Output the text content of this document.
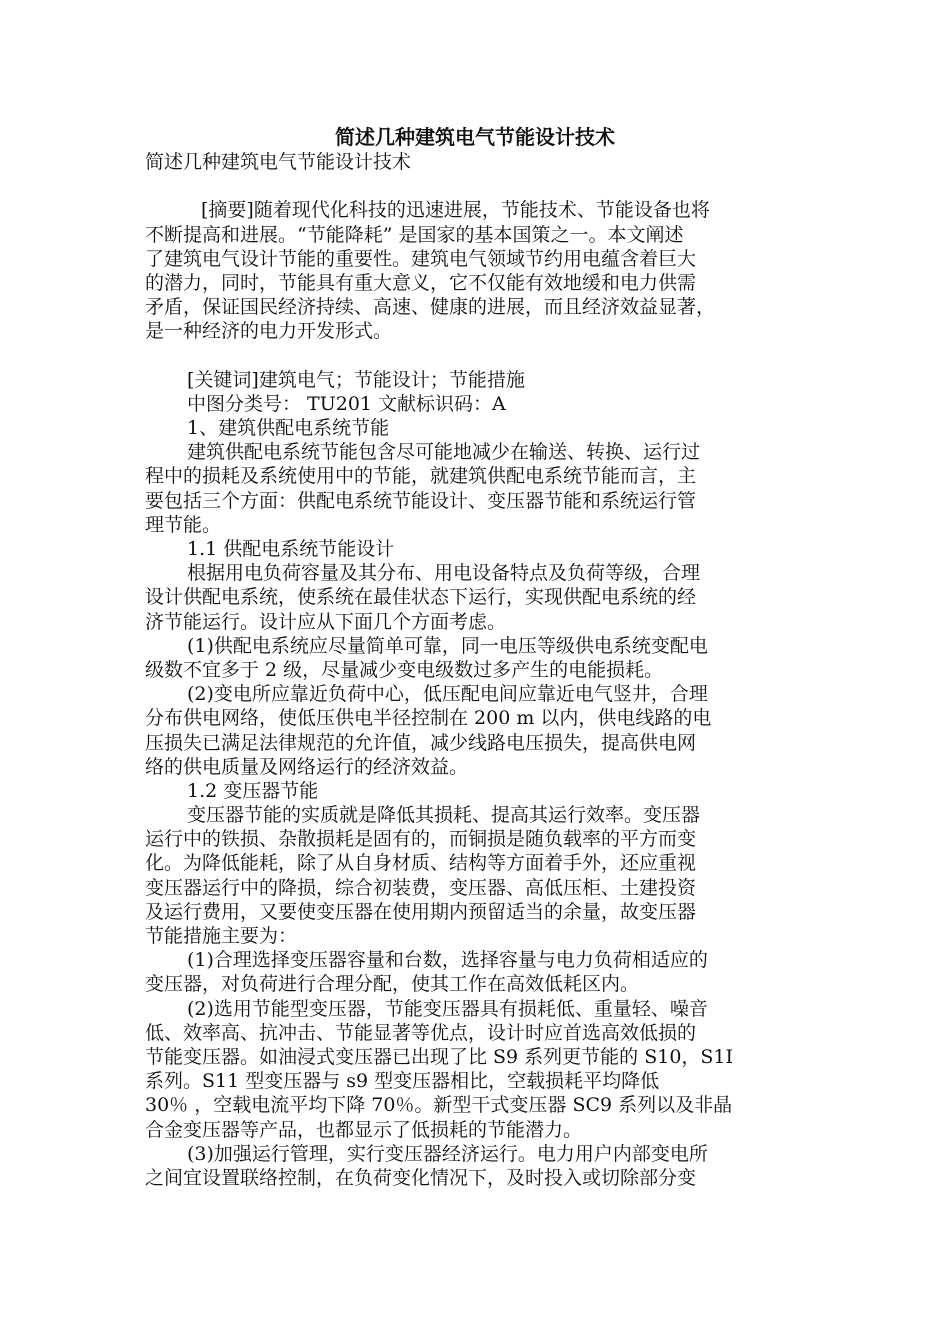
简述几种建筑电气节能设计技术
简述几种建筑电气节能设计技术
[摘要]随着现代化科技的迅速进展，节能技术、节能设备也将
不断提高和进展。“节能降耗” 是国家的基本国策之一。本文阐述
了建筑电气设计节能的重要性。建筑电气领域节约用电蕴含着巨大
的潜力，同时，节能具有重大意义，它不仅能有效地缓和电力供需
矛盾，保证国民经济持续、高速、健康的进展，而且经济效益显著，
是一种经济的电力开发形式。
[关键词]建筑电气；节能设计；节能措施
中图分类号： TU201 文献标识码：A
1、建筑供配电系统节能
建筑供配电系统节能包含尽可能地减少在输送、转换、运行过
程中的损耗及系统使用中的节能，就建筑供配电系统节能而言，主
要包括三个方面：供配电系统节能设计、变压器节能和系统运行管
理节能。
1.1 供配电系统节能设计
根据用电负荷容量及其分布、用电设备特点及负荷等级，合理
设计供配电系统，使系统在最佳状态下运行，实现供配电系统的经
济节能运行。设计应从下面几个方面考虑。
(1)供配电系统应尽量简单可靠，同一电压等级供电系统变配电
级数不宜多于 2 级，尽量减少变电级数过多产生的电能损耗。
(2)变电所应靠近负荷中心，低压配电间应靠近电气竖井，合理
分布供电网络，使低压供电半径控制在 200 m 以内，供电线路的电
压损失已满足法律规范的允许值，减少线路电压损失，提高供电网
络的供电质量及网络运行的经济效益。
1.2 变压器节能
变压器节能的实质就是降低其损耗、提高其运行效率。变压器
运行中的铁损、杂散损耗是固有的，而铜损是随负载率的平方而变
化。为降低能耗，除了从自身材质、结构等方面着手外，还应重视
变压器运行中的降损，综合初装费，变压器、高低压柜、土建投资
及运行费用，又要使变压器在使用期内预留适当的余量，故变压器
节能措施主要为：
(1)合理选择变压器容量和台数，选择容量与电力负荷相适应的
变压器，对负荷进行合理分配，使其工作在高效低耗区内。
(2)选用节能型变压器，节能变压器具有损耗低、重量轻、噪音
低、效率高、抗冲击、节能显著等优点，设计时应首选高效低损的
节能变压器。如油浸式变压器已出现了比 S9 系列更节能的 S10，S1I
系列。S11 型变压器与 s9 型变压器相比，空载损耗平均降低
30％ ，空载电流平均下降 70％。新型干式变压器 SC9 系列以及非晶
合金变压器等产品，也都显示了低损耗的节能潜力。
(3)加强运行管理，实行变压器经济运行。电力用户内部变电所
之间宜设置联络控制，在负荷变化情况下，及时投入或切除部分变
